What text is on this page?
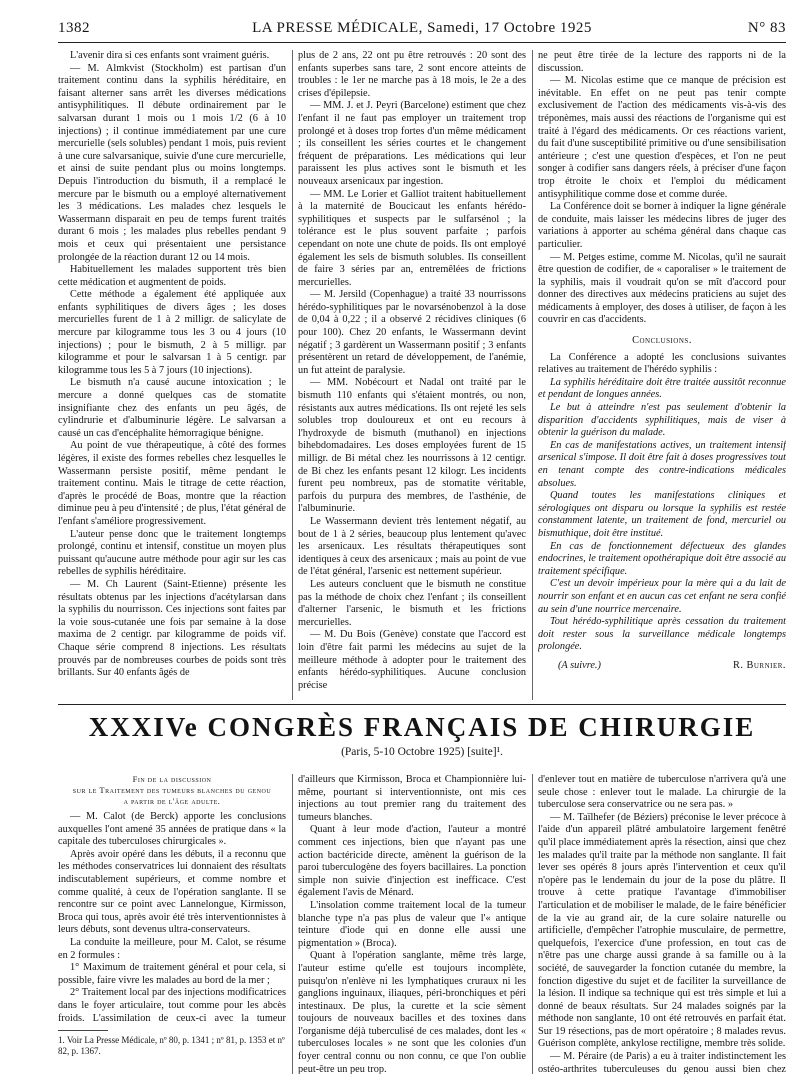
1382	LA PRESSE MÉDICALE, Samedi, 17 Octobre 1925	N° 83

L'avenir dira si ces enfants sont vraiment guéris.

— M. Almkvist (Stockholm) est partisan d'un traitement continu dans la syphilis héréditaire, en faisant alterner sans arrêt les diverses médications antisyphilitiques. Il débute ordinairement par le salvarsan durant 1 mois ou 1 mois 1/2 (6 à 10 injections) ; il continue immédiatement par une cure mercurielle (sels solubles) pendant 1 mois, puis revient à une cure salvarsanique, suivie d'une cure mercurielle, et ainsi de suite pendant plus ou moins longtemps. Depuis l'introduction du bismuth, il a remplacé le mercure par le bismuth ou a employé alternativement les 3 médications. Les malades chez lesquels le Wassermann disparait en peu de temps furent traités durant 6 mois ; les malades plus rebelles pendant 9 mois et ceux qui présentaient une persistance prolongée de la réaction durant 12 ou 14 mois.

Habituellement les malades supportent très bien cette médication et augmentent de poids.

Cette méthode a également été appliquée aux enfants syphilitiques de divers âges ; les doses mercurielles furent de 1 à 2 milligr. de salicylate de mercure par kilogramme tous les 3 ou 4 jours (10 injections) ; pour le bismuth, 2 à 5 milligr. par kilogramme et pour le salvarsan 1 à 5 centigr. par kilogramme tous les 5 à 7 jours (10 injections).

Le bismuth n'a causé aucune intoxication ; le mercure a donné quelques cas de stomatite insignifiante chez des enfants un peu âgés, de cylindrurie et d'albuminurie légère. Le salvarsan a causé un cas d'encéphalite hémorragique bénigne.

Au point de vue thérapeutique, à côté des formes légères, il existe des formes rebelles chez lesquelles le Wassermann persiste positif, même pendant le traitement continu. Mais le titrage de cette réaction, d'après le procédé de Boas, montre que la réaction diminue peu à peu d'intensité ; de plus, l'état général de l'enfant s'améliore progressivement.

L'auteur pense donc que le traitement longtemps prolongé, continu et intensif, constitue un moyen plus puissant qu'aucune autre méthode pour agir sur les cas rebelles de syphilis héréditaire.

— M. Ch Laurent (Saint-Etienne) présente les résultats obtenus par les injections d'acétylarsan dans la syphilis du nourrisson. Ces injections sont faites par la voie sous-cutanée une fois par semaine à la dose maxima de 2 centigr. par kilogramme de poids vif. Chaque série comprend 8 injections. Les résultats prouvés par de nombreuses courbes de poids sont très brillants. Sur 40 enfants âgés de

plus de 2 ans, 22 ont pu être retrouvés : 20 sont des enfants superbes sans tare, 2 sont encore atteints de troubles : le 1er ne marche pas à 18 mois, le 2e a des crises d'épilepsie.

— MM. J. et J. Peyri (Barcelone) estiment que chez l'enfant il ne faut pas employer un traitement trop prolongé et à doses trop fortes d'un même médicament ; ils conseillent les séries courtes et le changement fréquent de préparations. Les médications qui leur paraissent les plus actives sont le bismuth et les nouveaux arsenicaux par ingestion.

— MM. Le Lorier et Galliot traitent habituellement à la maternité de Boucicaut les enfants hérédo-syphilitiques et suspects par le sulfarsénol ; la tolérance est le plus souvent parfaite ; parfois cependant on note une chute de poids. Ils ont employé également les sels de bismuth solubles. Ils conseillent de faire 3 séries par an, entremêlées de frictions mercurielles.

— M. Jersild (Copenhague) a traité 33 nourrissons hérédo-syphilitiques par le novarsénobenzol à la dose de 0,04 à 0,22 ; il a observé 2 récidives cliniques (6 pour 100). Chez 20 enfants, le Wassermann devint négatif ; 3 gardèrent un Wassermann positif ; 3 enfants présentèrent un retard de développement, de l'anémie, un fut atteint de paralysie.

— MM. Nobécourt et Nadal ont traité par le bismuth 110 enfants qui s'étaient montrés, ou non, résistants aux autres médications. Ils ont rejeté les sels solubles trop douloureux et ont eu recours à l'hydroxyde de bismuth (muthanol) en injections bihebdomadaires. Les doses employées furent de 15 milligr. de Bi métal chez les nourrissons à 12 centigr. de Bi chez les enfants pesant 12 kilogr. Les incidents furent peu nombreux, pas de stomatite véritable, parfois du purpura des membres, de l'asthénie, de l'albuminurie.

Le Wassermann devient très lentement négatif, au bout de 1 à 2 séries, beaucoup plus lentement qu'avec les arsenicaux. Les résultats thérapeutiques sont identiques à ceux des arsenicaux ; mais au point de vue de l'état général, l'arsenic est nettement supérieur.

Les auteurs concluent que le bismuth ne constitue pas la méthode de choix chez l'enfant ; ils conseillent d'alterner l'arsenic, le bismuth et les frictions mercurielles.

— M. Du Bois (Genève) constate que l'accord est loin d'être fait parmi les médecins au sujet de la meilleure méthode à adopter pour le traitement des enfants hérédo-syphilitiques. Aucune conclusion précise

ne peut être tirée de la lecture des rapports ni de la discussion.

— M. Nicolas estime que ce manque de précision est inévitable. En effet on ne peut pas tenir compte exclusivement de l'action des médicaments vis-à-vis des tréponèmes, mais aussi des réactions de l'organisme qui est traité à l'égard des médicaments. Or ces réactions varient, du fait d'une susceptibilité primitive ou d'une sensibilisation antérieure ; c'est une question d'espèces, et l'on ne peut songer à codifier sans dangers réels, à préciser d'une façon trop étroite le choix et l'emploi du médicament antisyphilitique comme dose et comme durée.

La Conférence doit se borner à indiquer la ligne générale de conduite, mais laisser les médecins libres de juger des variations à apporter au schéma général dans chaque cas particulier.

— M. Petges estime, comme M. Nicolas, qu'il ne saurait être question de codifier, de « caporaliser » le traitement de la syphilis, mais il voudrait qu'on se mît d'accord pour donner des directives aux médecins praticiens au sujet des médicaments à employer, des doses à utiliser, de façon à les couvrir en cas d'accidents.

Conclusions.

La Conférence a adopté les conclusions suivantes relatives au traitement de l'hérédo syphilis :

La syphilis héréditaire doit être traitée aussitôt reconnue et pendant de longues années.

Le but à atteindre n'est pas seulement d'obtenir la disparition d'accidents syphilitiques, mais de viser à obtenir la guérison du malade.

En cas de manifestations actives, un traitement intensif arsenical s'impose. Il doit être fait à doses progressives tout en tenant compte des contre-indications médicales absolues.

Quand toutes les manifestations cliniques et sérologiques ont disparu ou lorsque la syphilis est restée constamment latente, un traitement de fond, mercuriel ou bismuthique, doit être institué.

En cas de fonctionnement défectueux des glandes endocrines, le traitement opothérapique doit être associé au traitement spécifique.

C'est un devoir impérieux pour la mère qui a du lait de nourrir son enfant et en aucun cas cet enfant ne sera confié au sein d'une nourrice mercenaire.

Tout hérédo-syphilitique après cessation du traitement doit rester sous la surveillance médicale longtemps prolongée.

(A suivre.)	R. Burnier.
XXXIVe CONGRÈS FRANÇAIS DE CHIRURGIE
(Paris, 5-10 Octobre 1925) [suite]¹.
Fin de la discussion
sur le Traitement des tumeurs blanches du genou
a partir de l'âge adulte.

— M. Calot (de Berck) apporte les conclusions auxquelles l'ont amené 35 années de pratique dans « la capitale des tuberculoses chirurgicales ».

Après avoir opéré dans les débuts, il a reconnu que les méthodes conservatrices lui donnaient des résultats indiscutablement supérieurs, et comme nombre et comme qualité, à ceux de l'opération sanglante. Il se rencontre sur ce point avec Lannelongue, Kirmisson, Broca qui tous, après avoir été très interventionnistes à leurs débuts, sont devenus ultra-conservateurs.

La conduite la meilleure, pour M. Calot, se résume en 2 formules :

1° Maximum de traitement général et pour cela, si possible, faire vivre les malades au bord de la mer ;

2° Traitement local par des injections modificatrices dans le foyer articulaire, tout comme pour les abcès froids. L'assimilation de ceux-ci avec la tumeur

d'ailleurs que Kirmisson, Broca et Championnière lui-même, pourtant si interventionniste, ont mis ces injections au tout premier rang du traitement des tumeurs blanches.

Quant à leur mode d'action, l'auteur a montré comment ces injections, bien que n'ayant pas une action bactéricide directe, amènent la guérison de la paroi tuberculogène des foyers bacillaires. La ponction simple non suivie d'injection est inefficace. C'est également l'avis de Ménard.

L'insolation comme traitement local de la tumeur blanche type n'a pas plus de valeur que l'« antique teinture d'iode qui en donne elle aussi une pigmentation » (Broca).

Quant à l'opération sanglante, même très large, l'auteur estime qu'elle est toujours incomplète, puisqu'on n'enlève ni les lymphatiques cruraux ni les ganglions inguinaux, iliaques, péri-bronchiques et péri intestinaux. De plus, la curette et la scie sèment toujours de nouveaux bacilles et des toxines dans l'organisme déjà tuberculisé de ces malades, dont les « tuberculoses locales » ne sont que les colonies d'un foyer central connu ou non connu, ce que l'on oublie peut-être un peu trop.

d'enlever tout en matière de tuberculose n'arrivera qu'à une seule chose : enlever tout le malade. La chirurgie de la tuberculose sera conservatrice ou ne sera pas. »

— M. Taïlhefer (de Béziers) préconise le lever précoce à l'aide d'un appareil plâtré ambulatoire largement fenêtré qu'il place immédiatement après la résection, ainsi que chez les malades qu'il traite par la méthode non sanglante. Il fait lever ses opérés 8 jours après l'intervention et ceux qu'il n'opère pas le lendemain du jour de la pose du plâtre. Il trouve à cette pratique l'avantage d'immobiliser l'articulation et de mobiliser le malade, de le faire bénéficier de la vie au grand air, de la cure solaire naturelle ou artificielle, d'empêcher l'atrophie musculaire, de permettre, quelquefois, l'exercice d'une profession, en tout cas de n'être pas une charge aussi grande à sa famille ou à la société, de sauvegarder la fonction cutanée du membre, la fonction digestive du sujet et de faciliter la surveillance de la lésion. Il indique sa technique qui est très simple et lui a donné de beaux résultats. Sur 24 malades soignés par la méthode non sanglante, 10 ont été retrouvés en parfait état. Sur 19 résections, pas de mort opératoire ; 8 malades revus. Guérison complète, ankylose rectiligne, membre très solide.

— M. Péraire (de Paris) a eu à traiter indistinctement les ostéo-arthrites tuberculeuses du genou aussi bien chez

1. Voir La Presse Médicale, nº 80, p. 1341 ; nº 81, p. 1353 et nº 82, p. 1367.
